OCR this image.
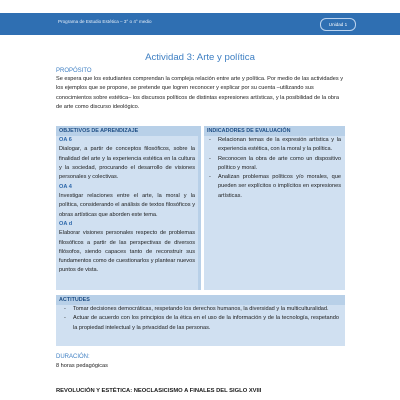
Programa de Estudio Estética – 3° o 4° medio
Unidad 1
Actividad 3: Arte y política
PROPÓSITO
Se espera que los estudiantes comprendan la compleja relación entre arte y política. Por medio de las actividades y los ejemplos que se propone, se pretende que logren reconocer y explicar por su cuenta –utilizando sus conocimientos sobre estética– los discursos políticos de distintas expresiones artísticas, y la posibilidad de la obra de arte como discurso ideológico.
OBJETIVOS DE APRENDIZAJE
OA 6
Dialogar, a partir de conceptos filosóficos, sobre la finalidad del arte y la experiencia estética en la cultura y la sociedad, procurando el desarrollo de visiones personales y colectivas.
OA 4
Investigar relaciones entre el arte, la moral y la política, considerando el análisis de textos filosóficos y obras artísticas que aborden este tema.
OA d
Elaborar visiones personales respecto de problemas filosóficos a partir de las perspectivas de diversos filósofos, siendo capaces tanto de reconstruir sus fundamentos como de cuestionarlos y plantear nuevos puntos de vista.
INDICADORES DE EVALUACIÓN
- Relacionan temas de la expresión artística y la experiencia estética, con la moral y la política.
- Reconocen la obra de arte como un dispositivo político y moral.
- Analizan problemas políticos y/o morales, que pueden ser explícitos o implícitos en expresiones artísticas.
ACTITUDES
- Tomar decisiones democráticas, respetando los derechos humanos, la diversidad y la multiculturalidad.
- Actuar de acuerdo con los principios de la ética en el uso de la información y de la tecnología, respetando la propiedad intelectual y la privacidad de las personas.
DURACIÓN:
8 horas pedagógicas
REVOLUCIÓN Y ESTÉTICA: NEOCLASICISMO A FINALES DEL SIGLO XVIII
